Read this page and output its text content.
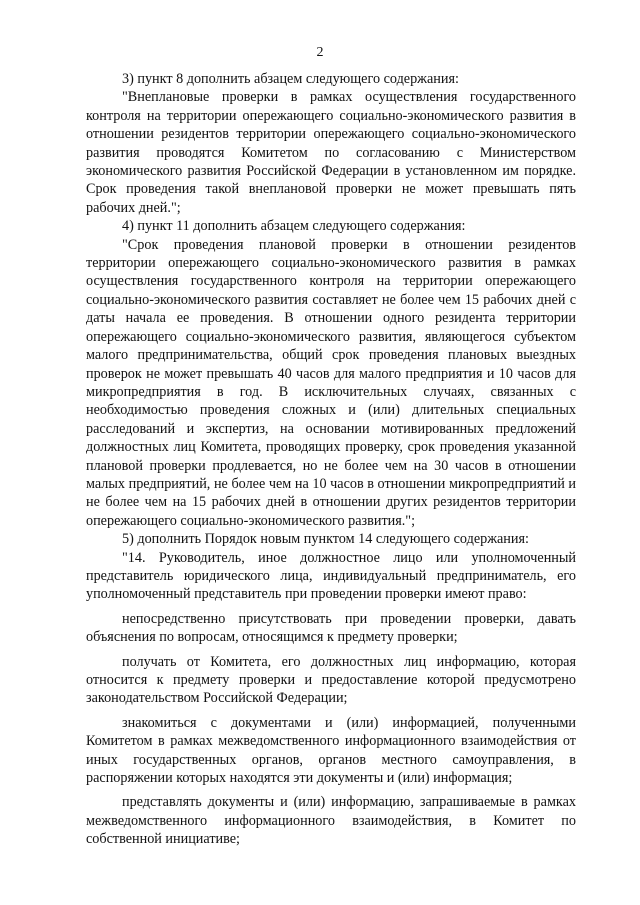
2

3) пункт 8 дополнить абзацем следующего содержания:

"Внеплановые проверки в рамках осуществления государственного контроля на территории опережающего социально-экономического развития в отношении резидентов территории опережающего социально-экономического развития проводятся Комитетом по согласованию с Министерством экономического развития Российской Федерации в установленном им порядке. Срок проведения такой внеплановой проверки не может превышать пять рабочих дней.";

4) пункт 11 дополнить абзацем следующего содержания:

"Срок проведения плановой проверки в отношении резидентов территории опережающего социально-экономического развития в рамках осуществления государственного контроля на территории опережающего социально-экономического развития составляет не более чем 15 рабочих дней с даты начала ее проведения. В отношении одного резидента территории опережающего социально-экономического развития, являющегося субъектом малого предпринимательства, общий срок проведения плановых выездных проверок не может превышать 40 часов для малого предприятия и 10 часов для микропредприятия в год. В исключительных случаях, связанных с необходимостью проведения сложных и (или) длительных специальных расследований и экспертиз, на основании мотивированных предложений должностных лиц Комитета, проводящих проверку, срок проведения указанной плановой проверки продлевается, но не более чем на 30 часов в отношении малых предприятий, не более чем на 10 часов в отношении микропредприятий и не более чем на 15 рабочих дней в отношении других резидентов территории опережающего социально-экономического развития.";

5) дополнить Порядок новым пунктом 14 следующего содержания:

"14. Руководитель, иное должностное лицо или уполномоченный представитель юридического лица, индивидуальный предприниматель, его уполномоченный представитель при проведении проверки имеют право:

непосредственно присутствовать при проведении проверки, давать объяснения по вопросам, относящимся к предмету проверки;

получать от Комитета, его должностных лиц информацию, которая относится к предмету проверки и предоставление которой предусмотрено законодательством Российской Федерации;

знакомиться с документами и (или) информацией, полученными Комитетом в рамках межведомственного информационного взаимодействия от иных государственных органов, органов местного самоуправления, в распоряжении которых находятся эти документы и (или) информация;

представлять документы и (или) информацию, запрашиваемые в рамках межведомственного информационного взаимодействия, в Комитет по собственной инициативе;
